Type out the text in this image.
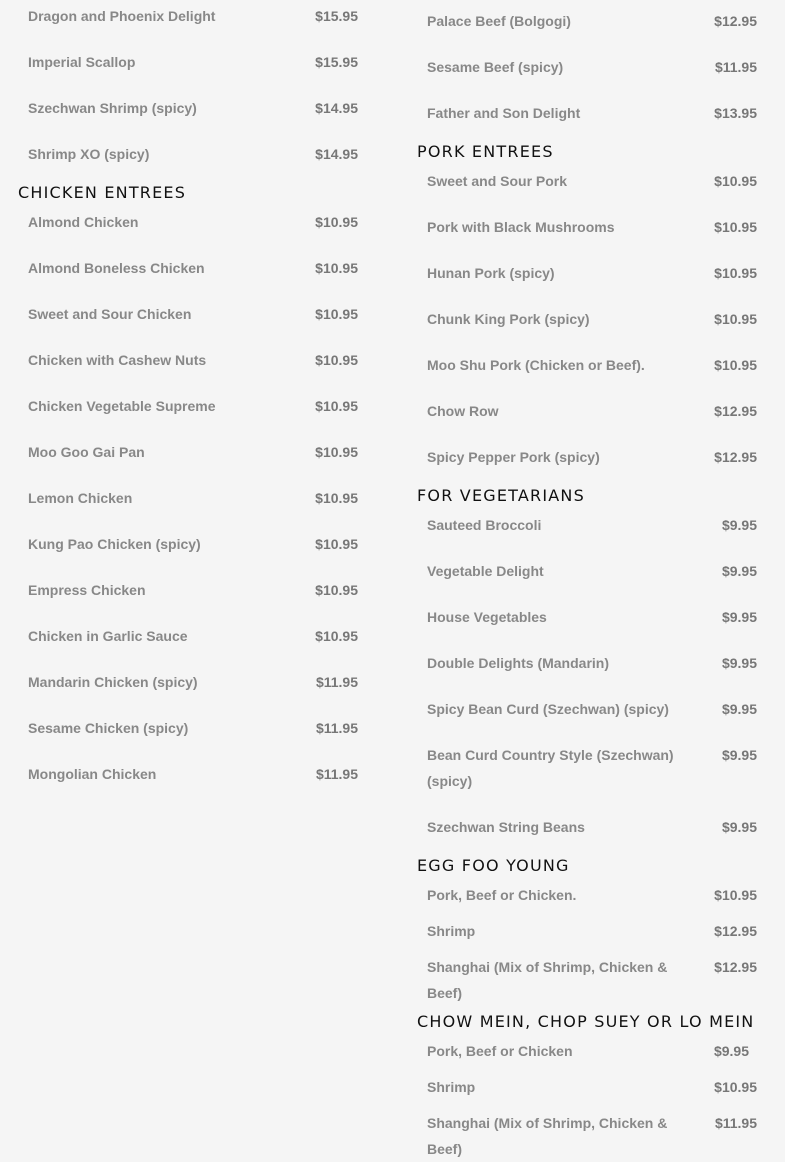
Dragon and Phoenix Delight	$15.95
Imperial Scallop	$15.95
Szechwan Shrimp (spicy)	$14.95
Shrimp XO (spicy)	$14.95
CHICKEN ENTREES
Almond Chicken	$10.95
Almond Boneless Chicken	$10.95
Sweet and Sour Chicken	$10.95
Chicken with Cashew Nuts	$10.95
Chicken Vegetable Supreme	$10.95
Moo Goo Gai Pan	$10.95
Lemon Chicken	$10.95
Kung Pao Chicken (spicy)	$10.95
Empress Chicken	$10.95
Chicken in Garlic Sauce	$10.95
Mandarin Chicken (spicy)	$11.95
Sesame Chicken (spicy)	$11.95
Mongolian Chicken	$11.95
Palace Beef (Bolgogi)	$12.95
Sesame Beef (spicy)	$11.95
Father and Son Delight	$13.95
PORK ENTREES
Sweet and Sour Pork	$10.95
Pork with Black Mushrooms	$10.95
Hunan Pork (spicy)	$10.95
Chunk King Pork (spicy)	$10.95
Moo Shu Pork (Chicken or Beef).	$10.95
Chow Row	$12.95
Spicy Pepper Pork (spicy)	$12.95
FOR VEGETARIANS
Sauteed Broccoli	$9.95
Vegetable Delight	$9.95
House Vegetables	$9.95
Double Delights (Mandarin)	$9.95
Spicy Bean Curd (Szechwan) (spicy)	$9.95
Bean Curd Country Style (Szechwan) (spicy)
$9.95
Szechwan String Beans	$9.95
EGG FOO YOUNG
Pork, Beef or Chicken.	$10.95
Shrimp	$12.95
Shanghai (Mix of Shrimp, Chicken & Beef)
$12.95
CHOW MEIN, CHOP SUEY OR LO MEIN
Pork, Beef or Chicken	$9.95
Shrimp	$10.95
Shanghai (Mix of Shrimp, Chicken & Beef)
$11.95
